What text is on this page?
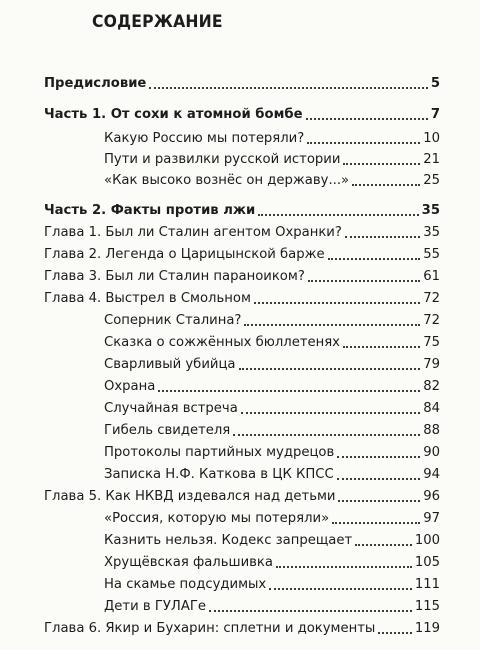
СОДЕРЖАНИЕ
Предисловие	5
Часть 1. От сохи к атомной бомбе	7
Какую Россию мы потеряли?	10
Пути и развилки русской истории	21
«Как высоко вознёс он державу...»	25
Часть 2. Факты против лжи	35
Глава 1. Был ли Сталин агентом Охранки?	35
Глава 2. Легенда о Царицынской барже	55
Глава 3. Был ли Сталин параноиком?	61
Глава 4. Выстрел в Смольном	72
Соперник Сталина?	72
Сказка о сожжённых бюллетенях	75
Сварливый убийца	79
Охрана	82
Случайная встреча	84
Гибель свидетеля	88
Протоколы партийных мудрецов	90
Записка Н.Ф. Каткова в ЦК КПСС	94
Глава 5. Как НКВД издевался над детьми	96
«Россия, которую мы потеряли»	97
Казнить нельзя. Кодекс запрещает	100
Хрущёвская фальшивка	105
На скамье подсудимых	111
Дети в ГУЛАГе	115
Глава 6. Якир и Бухарин: сплетни и документы	119
